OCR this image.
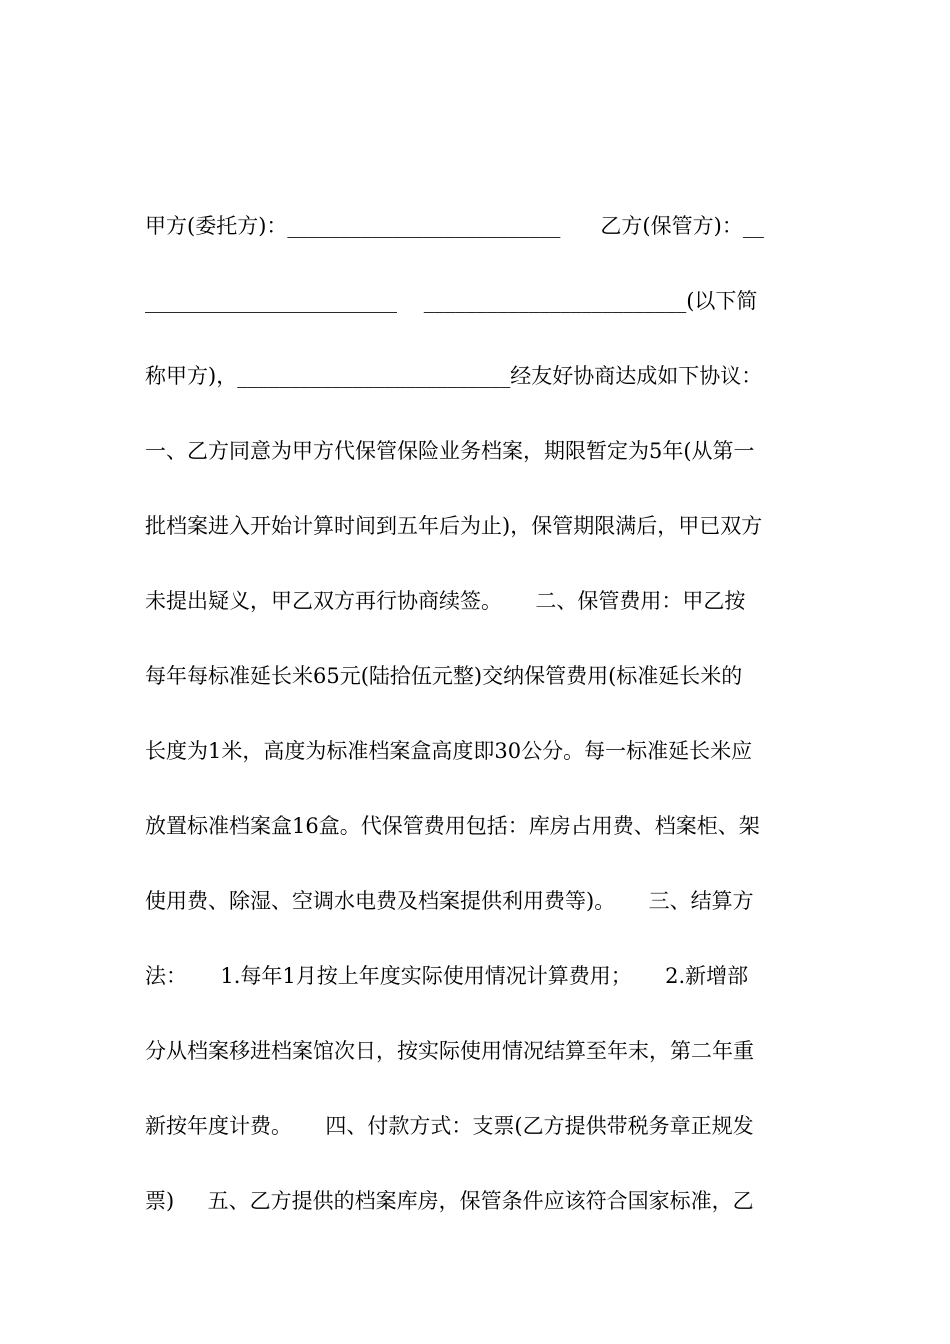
甲方(委托方)：__________________________      乙方(保管方)：__
________________________    _________________________(以下简
称甲方)，__________________________经友好协商达成如下协议：
一、乙方同意为甲方代保管保险业务档案，期限暂定为5年(从第一
批档案进入开始计算时间到五年后为止)，保管期限满后，甲已双方
未提出疑义，甲乙双方再行协商续签。     二、保管费用：甲乙按
每年每标准延长米65元(陆拾伍元整)交纳保管费用(标准延长米的
长度为1米，高度为标准档案盒高度即30公分。每一标准延长米应
放置标准档案盒16盒。代保管费用包括：库房占用费、档案柜、架
使用费、除湿、空调水电费及档案提供利用费等)。     三、结算方
法：     1.每年1月按上年度实际使用情况计算费用；     2.新增部
分从档案移进档案馆次日，按实际使用情况结算至年末，第二年重
新按年度计费。     四、付款方式：支票(乙方提供带税务章正规发
票)     五、乙方提供的档案库房，保管条件应该符合国家标准，乙
